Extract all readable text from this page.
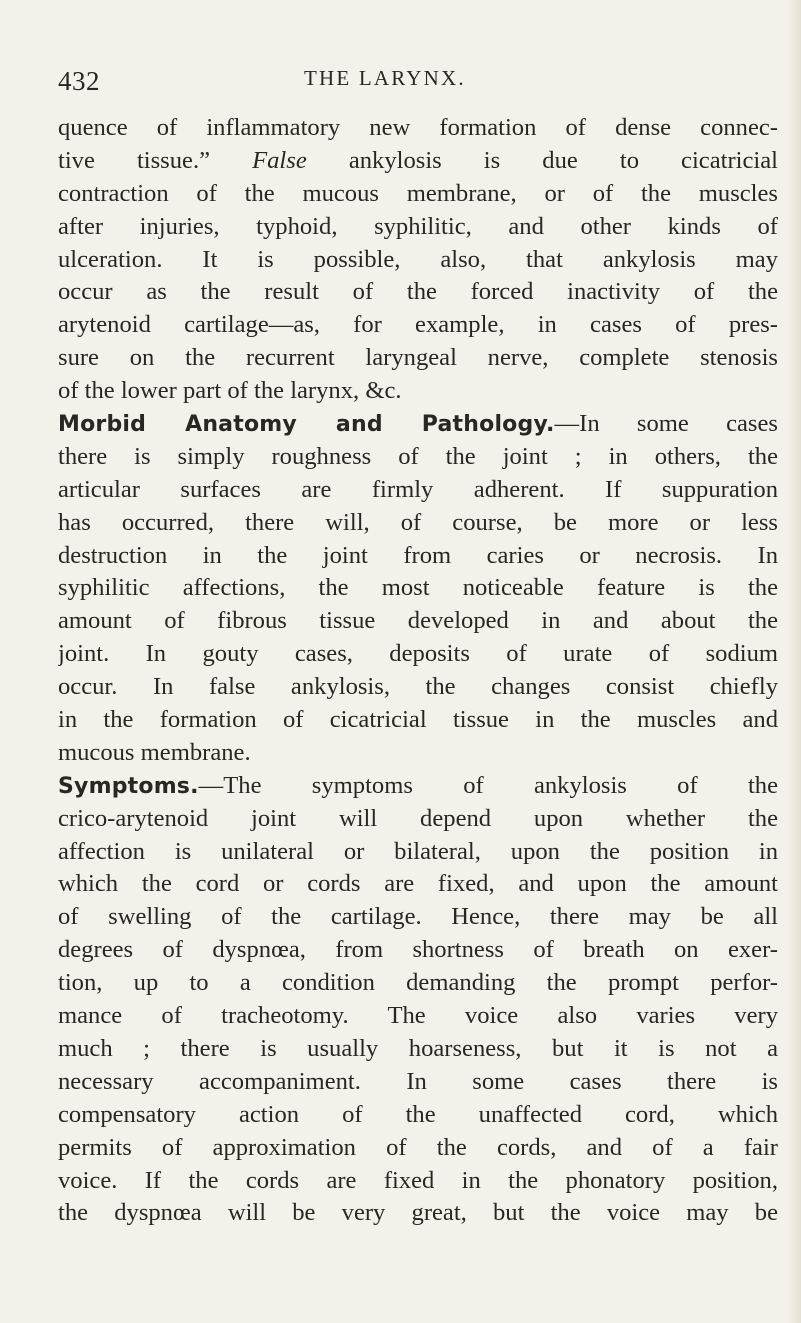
432	THE LARYNX.
quence of inflammatory new formation of dense connec-
tive tissue.” False ankylosis is due to cicatricial
contraction of the mucous membrane, or of the muscles
after injuries, typhoid, syphilitic, and other kinds of
ulceration. It is possible, also, that ankylosis may
occur as the result of the forced inactivity of the
arytenoid cartilage—as, for example, in cases of pres-
sure on the recurrent laryngeal nerve, complete stenosis
of the lower part of the larynx, &c.
Morbid Anatomy and Pathology.—In some cases
there is simply roughness of the joint ; in others, the
articular surfaces are firmly adherent. If suppuration
has occurred, there will, of course, be more or less
destruction in the joint from caries or necrosis. In
syphilitic affections, the most noticeable feature is the
amount of fibrous tissue developed in and about the
joint. In gouty cases, deposits of urate of sodium
occur. In false ankylosis, the changes consist chiefly
in the formation of cicatricial tissue in the muscles and
mucous membrane.
Symptoms.—The symptoms of ankylosis of the
crico-arytenoid joint will depend upon whether the
affection is unilateral or bilateral, upon the position in
which the cord or cords are fixed, and upon the amount
of swelling of the cartilage. Hence, there may be all
degrees of dyspnœa, from shortness of breath on exer-
tion, up to a condition demanding the prompt perfor-
mance of tracheotomy. The voice also varies very
much ; there is usually hoarseness, but it is not a
necessary accompaniment. In some cases there is
compensatory action of the unaffected cord, which
permits of approximation of the cords, and of a fair
voice. If the cords are fixed in the phonatory position,
the dyspnœa will be very great, but the voice may be
